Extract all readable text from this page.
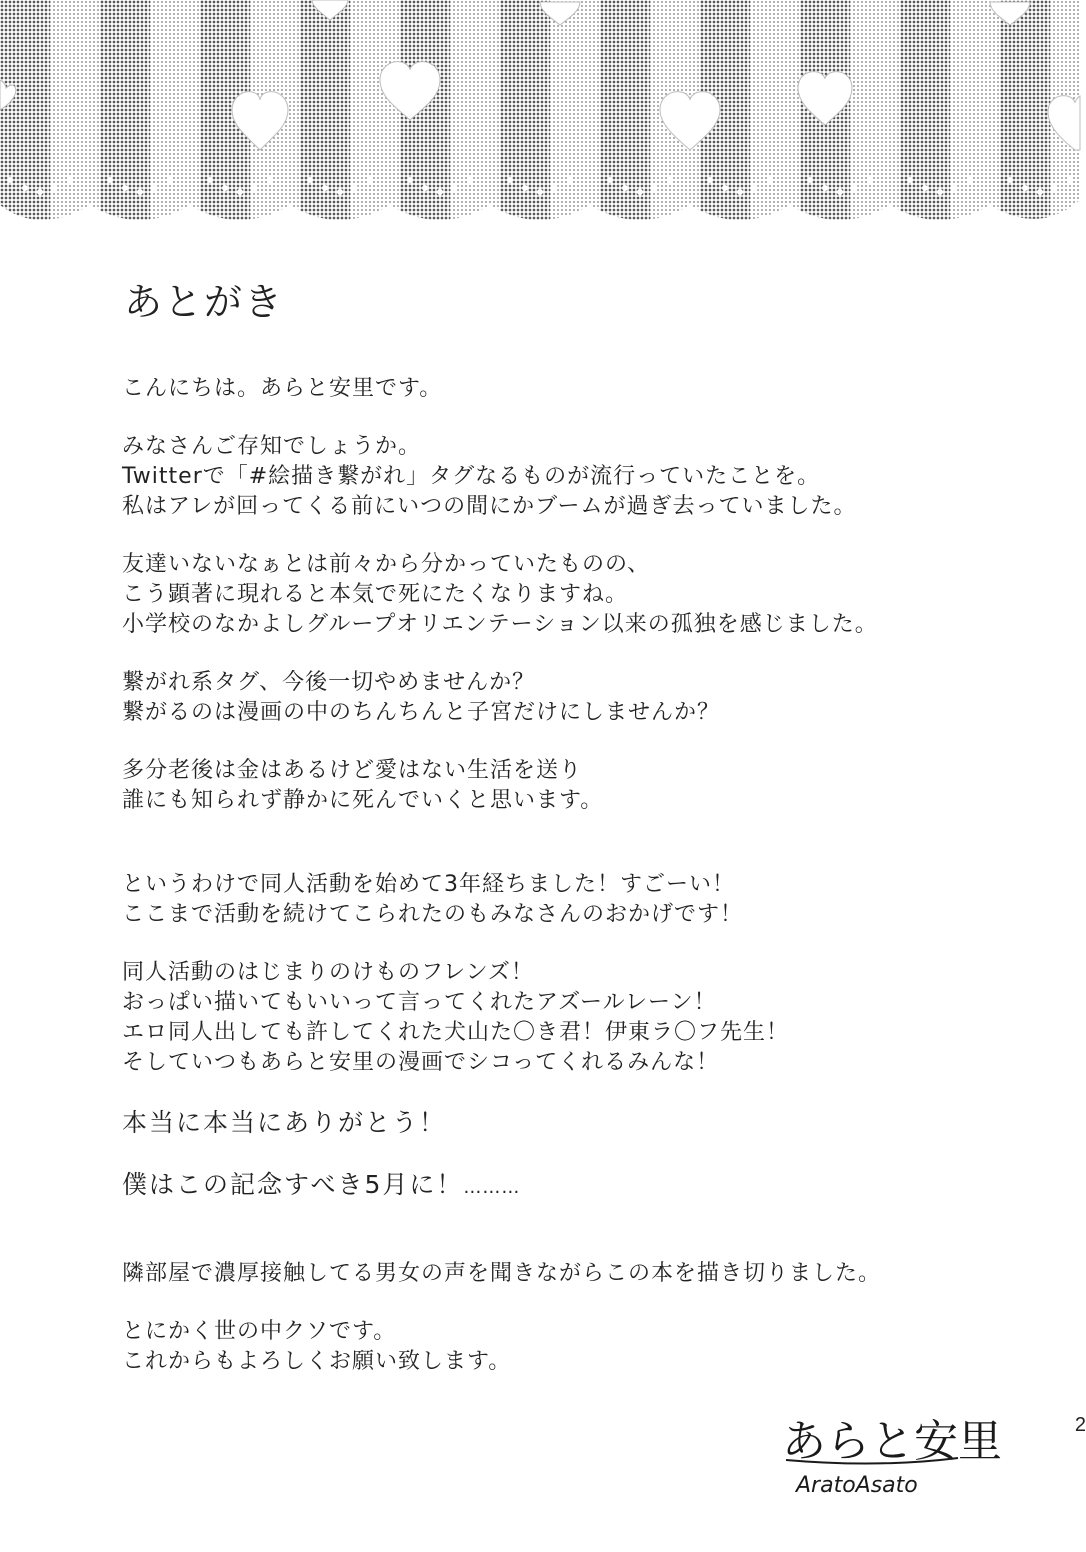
あとがき
こんにちは。あらと安里です。
みなさんご存知でしょうか。
Twitterで「#絵描き繋がれ」タグなるものが流行っていたことを。
私はアレが回ってくる前にいつの間にかブームが過ぎ去っていました。
友達いないなぁとは前々から分かっていたものの、
こう顕著に現れると本気で死にたくなりますね。
小学校のなかよしグループオリエンテーション以来の孤独を感じました。
繋がれ系タグ、今後一切やめませんか？
繋がるのは漫画の中のちんちんと子宮だけにしませんか？
多分老後は金はあるけど愛はない生活を送り
誰にも知られず静かに死んでいくと思います。
というわけで同人活動を始めて3年経ちました！すごーい！
ここまで活動を続けてこられたのもみなさんのおかげです！
同人活動のはじまりのけものフレンズ！
おっぱい描いてもいいって言ってくれたアズールレーン！
エロ同人出しても許してくれた犬山た〇き君！伊東ラ〇フ先生！
そしていつもあらと安里の漫画でシコってくれるみんな！
本当に本当にありがとう！
僕はこの記念すべき5月に！………
隣部屋で濃厚接触してる男女の声を聞きながらこの本を描き切りました。
とにかく世の中クソです。
これからもよろしくお願い致します。
あらと安里
AratoAsato
2
